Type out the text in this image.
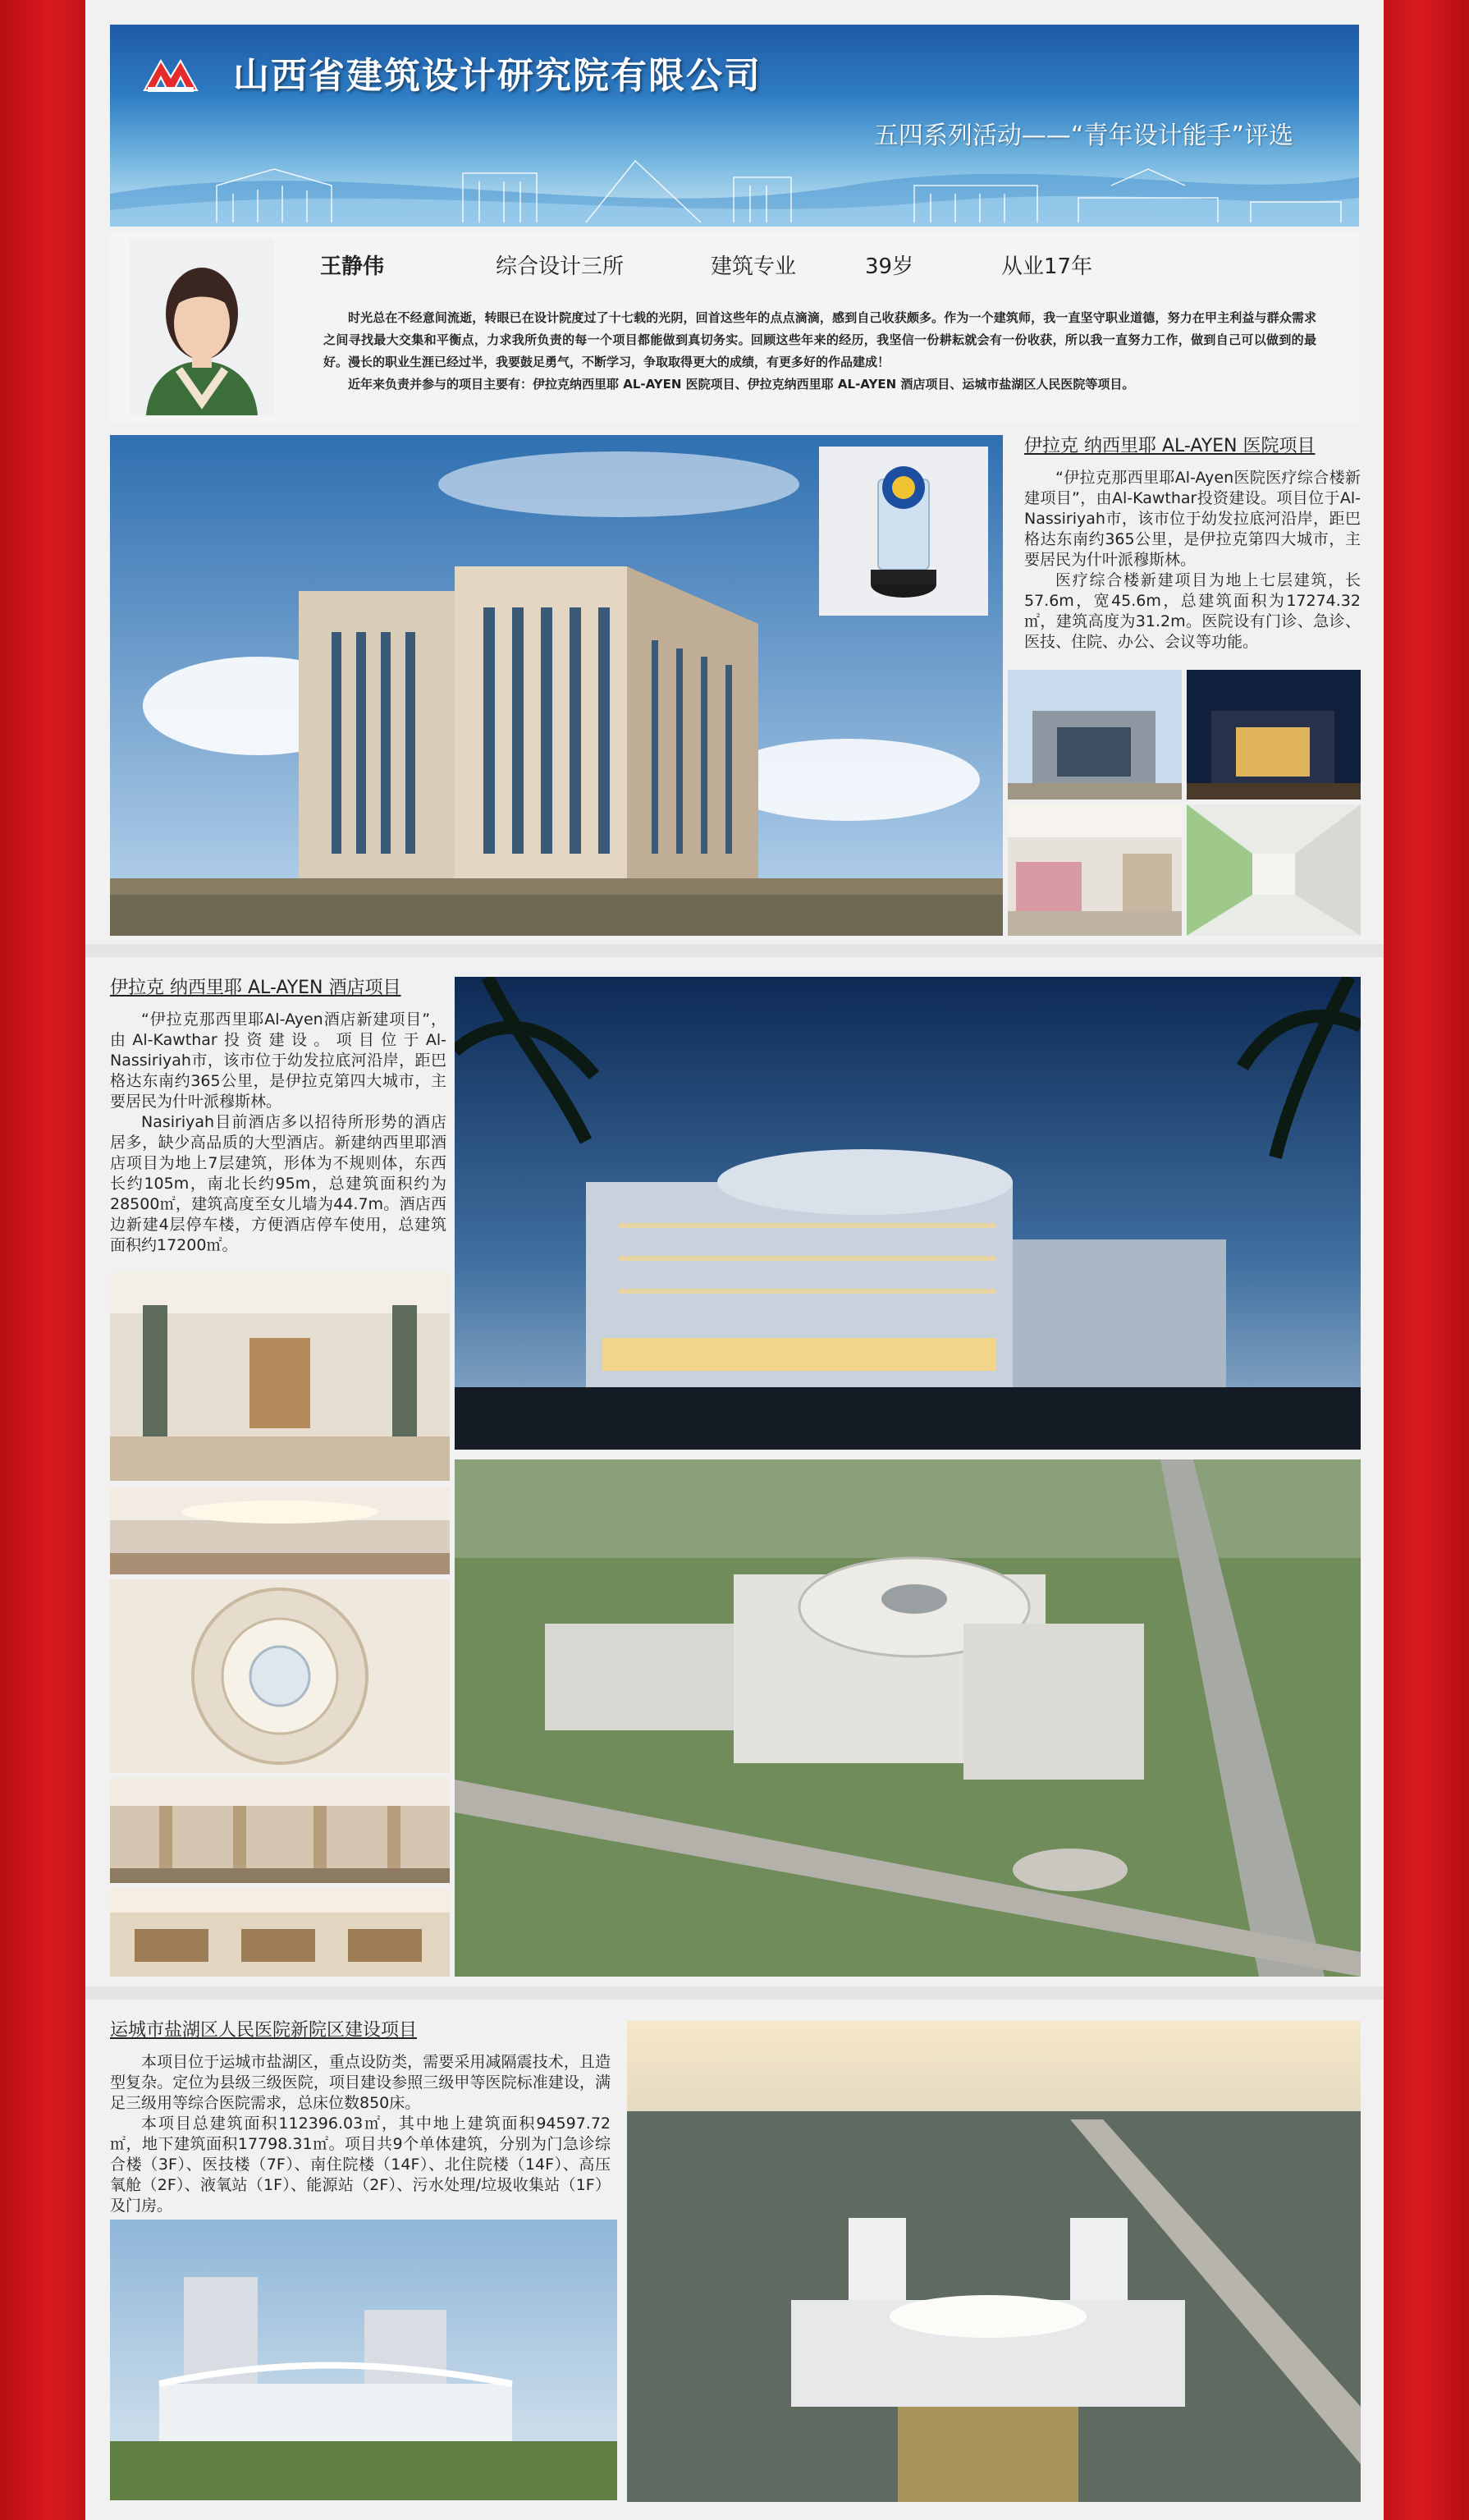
山西省建筑设计研究院有限公司
五四系列活动——“青年设计能手”评选
王静伟	综合设计三所	建筑专业	39岁	从业17年

时光总在不经意间流逝，转眼已在设计院度过了十七载的光阴，回首这些年的点点滴滴，感到自己收获颇多。作为一个建筑师，我一直坚守职业道德，努力在甲主利益与群众需求之间寻找最大交集和平衡点，力求我所负责的每一个项目都能做到真切务实。回顾这些年来的经历，我坚信一份耕耘就会有一份收获，所以我一直努力工作，做到自己可以做到的最好。漫长的职业生涯已经过半，我要鼓足勇气，不断学习，争取取得更大的成绩，有更多好的作品建成！

近年来负责并参与的项目主要有：伊拉克纳西里耶 AL-AYEN 医院项目、伊拉克纳西里耶 AL-AYEN 酒店项目、运城市盐湖区人民医院等项目。

伊拉克 纳西里耶 AL-AYEN 医院项目

“伊拉克那西里耶Al-Ayen医院医疗综合楼新建项目”，由Al-Kawthar投资建设。项目位于Al-Nassiriyah市，该市位于幼发拉底河沿岸，距巴格达东南约365公里，是伊拉克第四大城市，主要居民为什叶派穆斯林。

医疗综合楼新建项目为地上七层建筑，长57.6m，宽45.6m，总建筑面积为17274.32㎡，建筑高度为31.2m。医院设有门诊、急诊、医技、住院、办公、会议等功能。

伊拉克 纳西里耶 AL-AYEN 酒店项目

“伊拉克那西里耶Al-Ayen酒店新建项目”，由Al-Kawthar投资建设。项目位于Al-Nassiriyah市，该市位于幼发拉底河沿岸，距巴格达东南约365公里，是伊拉克第四大城市，主要居民为什叶派穆斯林。

Nasiriyah目前酒店多以招待所形势的酒店居多，缺少高品质的大型酒店。新建纳西里耶酒店项目为地上7层建筑，形体为不规则体，东西长约105m，南北长约95m，总建筑面积约为28500㎡，建筑高度至女儿墙为44.7m。酒店西边新建4层停车楼，方便酒店停车使用，总建筑面积约17200㎡。

运城市盐湖区人民医院新院区建设项目

本项目位于运城市盐湖区，重点设防类，需要采用减隔震技术，且造型复杂。定位为县级三级医院，项目建设参照三级甲等医院标准建设，满足三级用等综合医院需求，总床位数850床。

本项目总建筑面积112396.03㎡，其中地上建筑面积94597.72㎡，地下建筑面积17798.31㎡。项目共9个单体建筑，分别为门急诊综合楼（3F）、医技楼（7F）、南住院楼（14F）、北住院楼（14F）、高压氧舱（2F）、液氧站（1F）、能源站（2F）、污水处理/垃圾收集站（1F）及门房。
